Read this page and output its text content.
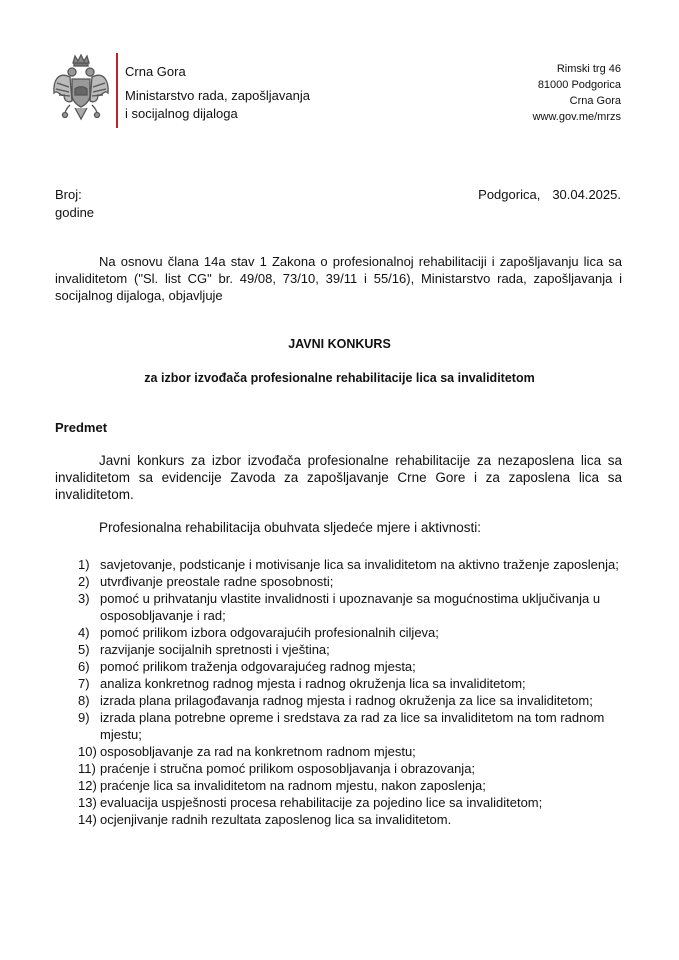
Crna Gora
Ministarstvo rada, zapošljavanja
i socijalnog dijaloga
Rimski trg 46
81000 Podgorica
Crna Gora
www.gov.me/mrzs
Broj:
godine
Podgorica, 30.04.2025.
Na osnovu člana 14a stav 1 Zakona o profesionalnoj rehabilitaciji i zapošljavanju lica sa invaliditetom ("Sl. list CG" br. 49/08, 73/10, 39/11 i 55/16), Ministarstvo rada, zapošljavanja i socijalnog dijaloga, objavljuje
JAVNI KONKURS
za izbor izvođača profesionalne rehabilitacije lica sa invaliditetom
Predmet
Javni konkurs za izbor izvođača profesionalne rehabilitacije za nezaposlena lica sa invaliditetom sa evidencije Zavoda za zapošljavanje Crne Gore i za zaposlena lica sa invaliditetom.
Profesionalna rehabilitacija obuhvata sljedeće mjere i aktivnosti:
1) savjetovanje, podsticanje i motivisanje lica sa invaliditetom na aktivno traženje zaposlenja;
2) utvrđivanje preostale radne sposobnosti;
3) pomoć u prihvatanju vlastite invalidnosti i upoznavanje sa mogućnostima uključivanja u osposobljavanje i rad;
4) pomoć prilikom izbora odgovarajućih profesionalnih ciljeva;
5) razvijanje socijalnih spretnosti i vještina;
6) pomoć prilikom traženja odgovarajućeg radnog mjesta;
7) analiza konkretnog radnog mjesta i radnog okruženja lica sa invaliditetom;
8) izrada plana prilagođavanja radnog mjesta i radnog okruženja za lice sa invaliditetom;
9) izrada plana potrebne opreme i sredstava za rad za lice sa invaliditetom na tom radnom mjestu;
10) osposobljavanje za rad na konkretnom radnom mjestu;
11) praćenje i stručna pomoć prilikom osposobljavanja i obrazovanja;
12) praćenje lica sa invaliditetom na radnom mjestu, nakon zaposlenja;
13) evaluacija uspješnosti procesa rehabilitacije za pojedino lice sa invaliditetom;
14) ocjenjivanje radnih rezultata zaposlenog lica sa invaliditetom.
